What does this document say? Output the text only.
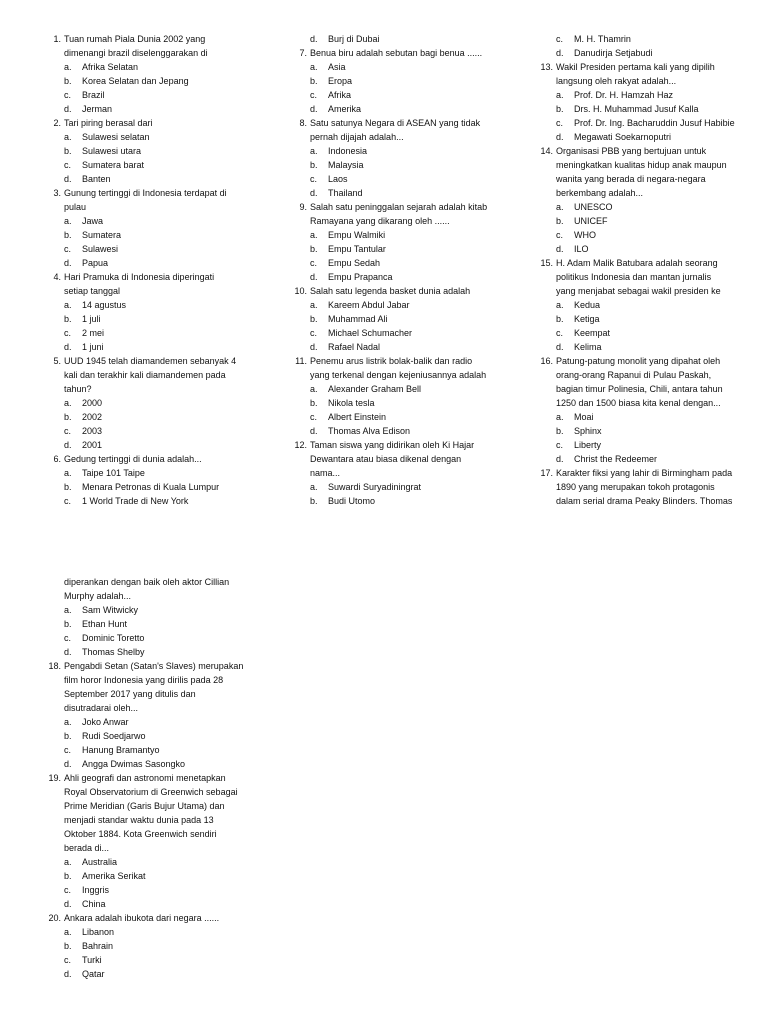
1. Tuan rumah Piala Dunia 2002 yang
dimenangi brazil diselenggarakan di
a. Afrika Selatan
b. Korea Selatan dan Jepang
c. Brazil
d. Jerman
2. Tari piring berasal dari
a. Sulawesi selatan
b. Sulawesi utara
c. Sumatera barat
d. Banten
3. Gunung tertinggi di Indonesia terdapat di
pulau
a. Jawa
b. Sumatera
c. Sulawesi
d. Papua
4. Hari Pramuka di Indonesia diperingati
setiap tanggal
a. 14 agustus
b. 1 juli
c. 2 mei
d. 1 juni
5. UUD 1945 telah diamandemen sebanyak 4
kali dan terakhir kali diamandemen pada
tahun?
a. 2000
b. 2002
c. 2003
d. 2001
6. Gedung tertinggi di dunia adalah...
a. Taipe 101 Taipe
b. Menara Petronas di Kuala Lumpur
c. 1 World Trade di New York
d. Burj di Dubai
7. Benua biru adalah sebutan bagi benua ......
a. Asia
b. Eropa
c. Afrika
d. Amerika
8. Satu satunya Negara di ASEAN yang tidak
pernah dijajah adalah...
a. Indonesia
b. Malaysia
c. Laos
d. Thailand
9. Salah satu peninggalan sejarah adalah kitab
Ramayana yang dikarang oleh ......
a. Empu Walmiki
b. Empu Tantular
c. Empu Sedah
d. Empu Prapanca
10. Salah satu legenda basket dunia adalah
a. Kareem Abdul Jabar
b. Muhammad Ali
c. Michael Schumacher
d. Rafael Nadal
11. Penemu arus listrik bolak-balik dan radio
yang terkenal dengan kejeniusannya adalah
a. Alexander Graham Bell
b. Nikola tesla
c. Albert Einstein
d. Thomas Alva Edison
12. Taman siswa yang didirikan oleh Ki Hajar
Dewantara atau biasa dikenal dengan
nama...
a. Suwardi Suryadiningrat
b. Budi Utomo
c. M. H. Thamrin
d. Danudirja Setjabudi
13. Wakil Presiden pertama kali yang dipilih
langsung oleh rakyat adalah...
a. Prof. Dr. H. Hamzah Haz
b. Drs. H. Muhammad Jusuf Kalla
c. Prof. Dr. Ing. Bacharuddin Jusuf Habibie
d. Megawati Soekarnoputri
14. Organisasi PBB yang bertujuan untuk
meningkatkan kualitas hidup anak maupun
wanita yang berada di negara-negara
berkembang adalah...
a. UNESCO
b. UNICEF
c. WHO
d. ILO
15. H. Adam Malik Batubara adalah seorang
politikus Indonesia dan mantan jurnalis
yang menjabat sebagai wakil presiden ke
a. Kedua
b. Ketiga
c. Keempat
d. Kelima
16. Patung-patung monolit yang dipahat oleh
orang-orang Rapanui di Pulau Paskah,
bagian timur Polinesia, Chili, antara tahun
1250 dan 1500 biasa kita kenal dengan...
a. Moai
b. Sphinx
c. Liberty
d. Christ the Redeemer
17. Karakter fiksi yang lahir di Birmingham pada
1890 yang merupakan tokoh protagonis
dalam serial drama Peaky Blinders. Thomas
diperankan dengan baik oleh aktor Cillian
Murphy adalah...
a. Sam Witwicky
b. Ethan Hunt
c. Dominic Toretto
d. Thomas Shelby
18. Pengabdi Setan (Satan's Slaves) merupakan
film horor Indonesia yang dirilis pada 28
September 2017 yang ditulis dan
disutradarai oleh...
a. Joko Anwar
b. Rudi Soedjarwo
c. Hanung Bramantyo
d. Angga Dwimas Sasongko
19. Ahli geografi dan astronomi menetapkan
Royal Observatorium di Greenwich sebagai
Prime Meridian (Garis Bujur Utama) dan
menjadi standar waktu dunia pada 13
Oktober 1884. Kota Greenwich sendiri
berada di...
a. Australia
b. Amerika Serikat
c. Inggris
d. China
20. Ankara adalah ibukota dari negara ......
a. Libanon
b. Bahrain
c. Turki
d. Qatar
